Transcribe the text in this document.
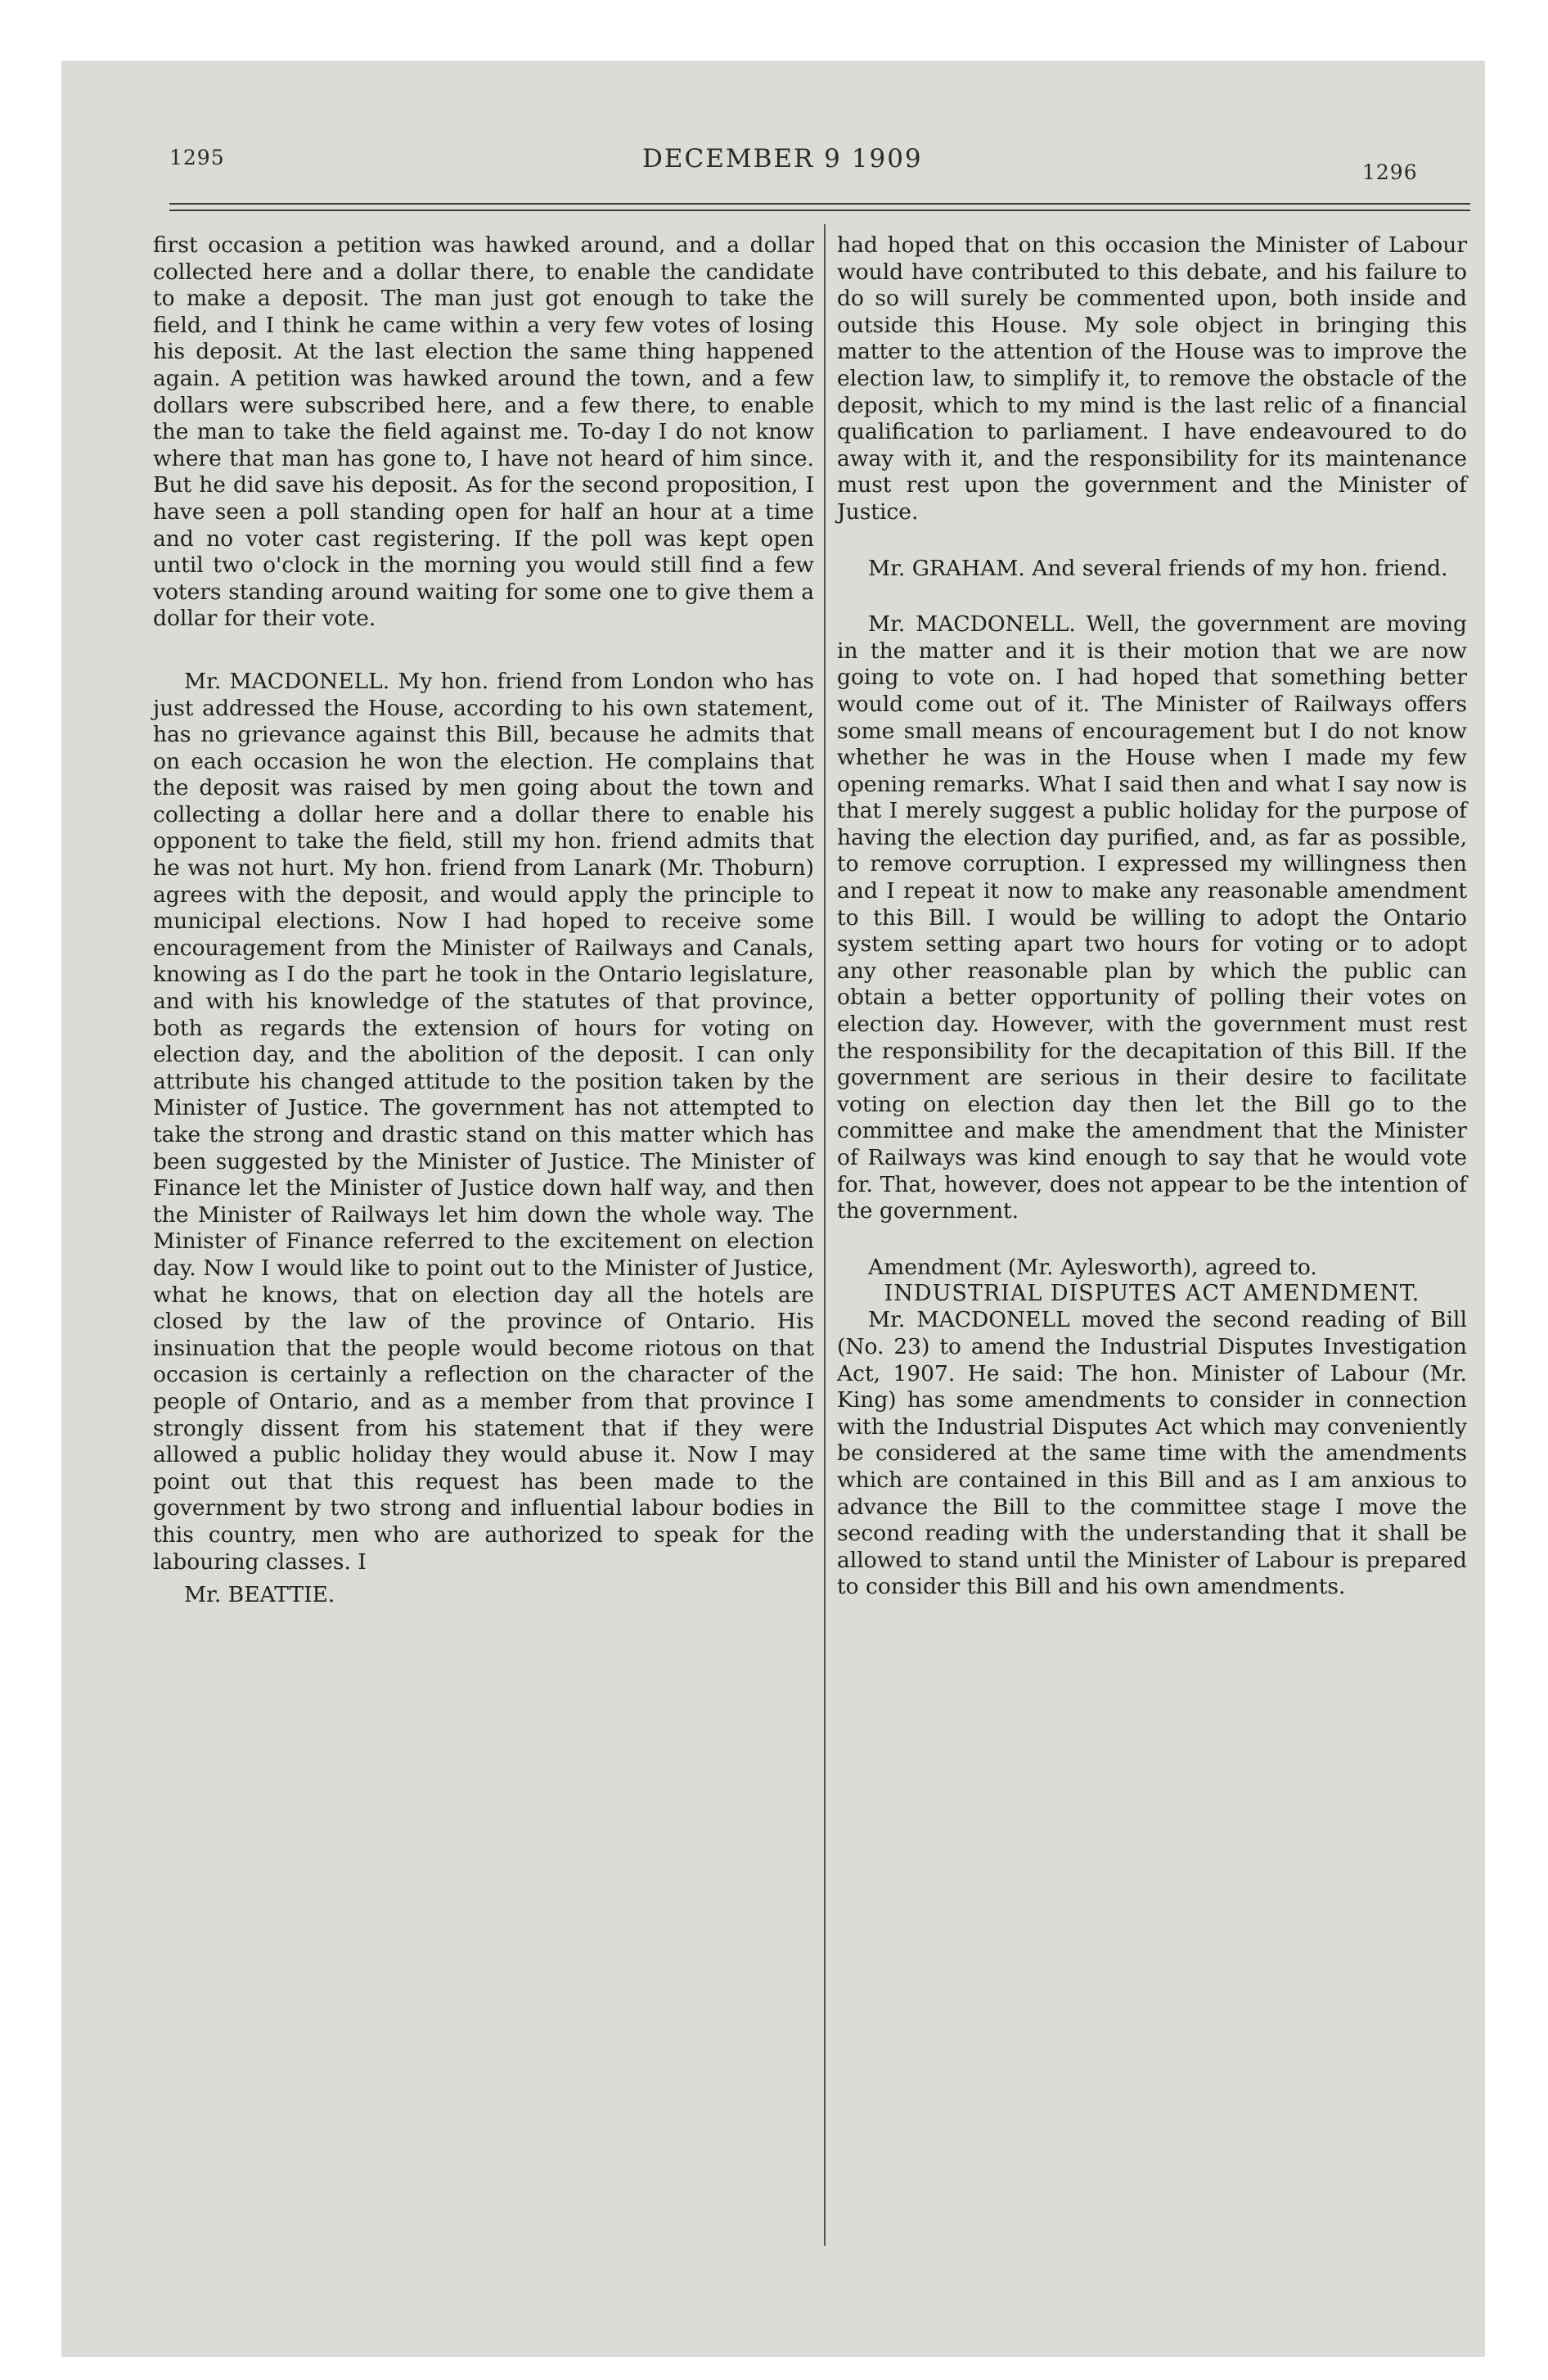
1295	DECEMBER 9 1909	1296

first occasion a petition was hawked around, and a dollar collected here and a dollar there, to enable the candidate to make a deposit. The man just got enough to take the field, and I think he came within a very few votes of losing his deposit. At the last election the same thing happened again. A petition was hawked around the town, and a few dollars were subscribed here, and a few there, to enable the man to take the field against me. To-day I do not know where that man has gone to, I have not heard of him since. But he did save his deposit. As for the second proposition, I have seen a poll standing open for half an hour at a time and no voter cast registering. If the poll was kept open until two o'clock in the morning you would still find a few voters standing around waiting for some one to give them a dollar for their vote.

Mr. MACDONELL. My hon. friend from London who has just addressed the House, according to his own statement, has no grievance against this Bill, because he admits that on each occasion he won the election. He complains that the deposit was raised by men going about the town and collecting a dollar here and a dollar there to enable his opponent to take the field, still my hon. friend admits that he was not hurt. My hon. friend from Lanark (Mr. Thoburn) agrees with the deposit, and would apply the principle to municipal elections. Now I had hoped to receive some encouragement from the Minister of Railways and Canals, knowing as I do the part he took in the Ontario legislature, and with his knowledge of the statutes of that province, both as regards the extension of hours for voting on election day, and the abolition of the deposit. I can only attribute his changed attitude to the position taken by the Minister of Justice. The government has not attempted to take the strong and drastic stand on this matter which has been suggested by the Minister of Justice. The Minister of Finance let the Minister of Justice down half way, and then the Minister of Railways let him down the whole way. The Minister of Finance referred to the excitement on election day. Now I would like to point out to the Minister of Justice, what he knows, that on election day all the hotels are closed by the law of the province of Ontario. His insinuation that the people would become riotous on that occasion is certainly a reflection on the character of the people of Ontario, and as a member from that province I strongly dissent from his statement that if they were allowed a public holiday they would abuse it. Now I may point out that this request has been made to the government by two strong and influential labour bodies in this country, men who are authorized to speak for the labouring classes. I

Mr. BEATTIE.

had hoped that on this occasion the Minister of Labour would have contributed to this debate, and his failure to do so will surely be commented upon, both inside and outside this House. My sole object in bringing this matter to the attention of the House was to improve the election law, to simplify it, to remove the obstacle of the deposit, which to my mind is the last relic of a financial qualification to parliament. I have endeavoured to do away with it, and the responsibility for its maintenance must rest upon the government and the Minister of Justice.

Mr. GRAHAM. And several friends of my hon. friend.

Mr. MACDONELL. Well, the government are moving in the matter and it is their motion that we are now going to vote on. I had hoped that something better would come out of it. The Minister of Railways offers some small means of encouragement but I do not know whether he was in the House when I made my few opening remarks. What I said then and what I say now is that I merely suggest a public holiday for the purpose of having the election day purified, and, as far as possible, to remove corruption. I expressed my willingness then and I repeat it now to make any reasonable amendment to this Bill. I would be willing to adopt the Ontario system setting apart two hours for voting or to adopt any other reasonable plan by which the public can obtain a better opportunity of polling their votes on election day. However, with the government must rest the responsibility for the decapitation of this Bill. If the government are serious in their desire to facilitate voting on election day then let the Bill go to the committee and make the amendment that the Minister of Railways was kind enough to say that he would vote for. That, however, does not appear to be the intention of the government.

Amendment (Mr. Aylesworth), agreed to.

INDUSTRIAL DISPUTES ACT AMENDMENT.

Mr. MACDONELL moved the second reading of Bill (No. 23) to amend the Industrial Disputes Investigation Act, 1907. He said: The hon. Minister of Labour (Mr. King) has some amendments to consider in connection with the Industrial Disputes Act which may conveniently be considered at the same time with the amendments which are contained in this Bill and as I am anxious to advance the Bill to the committee stage I move the second reading with the understanding that it shall be allowed to stand until the Minister of Labour is prepared to consider this Bill and his own amendments.
